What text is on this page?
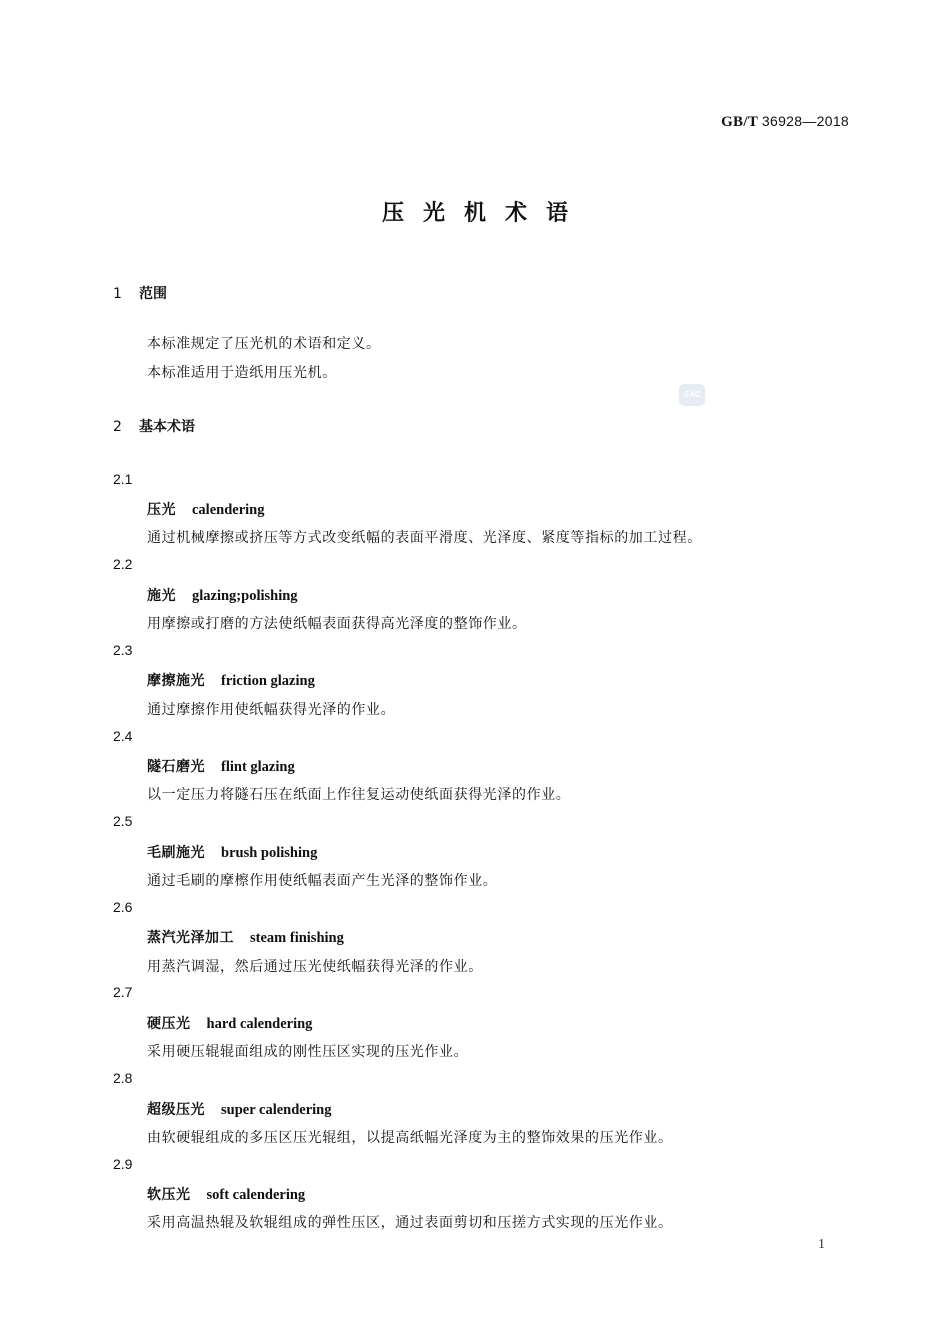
GB/T 36928—2018
压光机术语
1 范围
本标准规定了压光机的术语和定义。
本标准适用于造纸用压光机。
SAC
2 基本术语
2.1
压光 calendering
通过机械摩擦或挤压等方式改变纸幅的表面平滑度、光泽度、紧度等指标的加工过程。
2.2
施光 glazing;polishing
用摩擦或打磨的方法使纸幅表面获得高光泽度的整饰作业。
2.3
摩擦施光 friction glazing
通过摩擦作用使纸幅获得光泽的作业。
2.4
隧石磨光 flint glazing
以一定压力将隧石压在纸面上作往复运动使纸面获得光泽的作业。
2.5
毛刷施光 brush polishing
通过毛刷的摩檫作用使纸幅表面产生光泽的整饰作业。
2.6
蒸汽光泽加工 steam finishing
用蒸汽调湿，然后通过压光使纸幅获得光泽的作业。
2.7
硬压光 hard calendering
采用硬压辊辊面组成的刚性压区实现的压光作业。
2.8
超级压光 super calendering
由软硬辊组成的多压区压光辊组，以提高纸幅光泽度为主的整饰效果的压光作业。
2.9
软压光 soft calendering
采用高温热辊及软辊组成的弹性压区，通过表面剪切和压搓方式实现的压光作业。
1
